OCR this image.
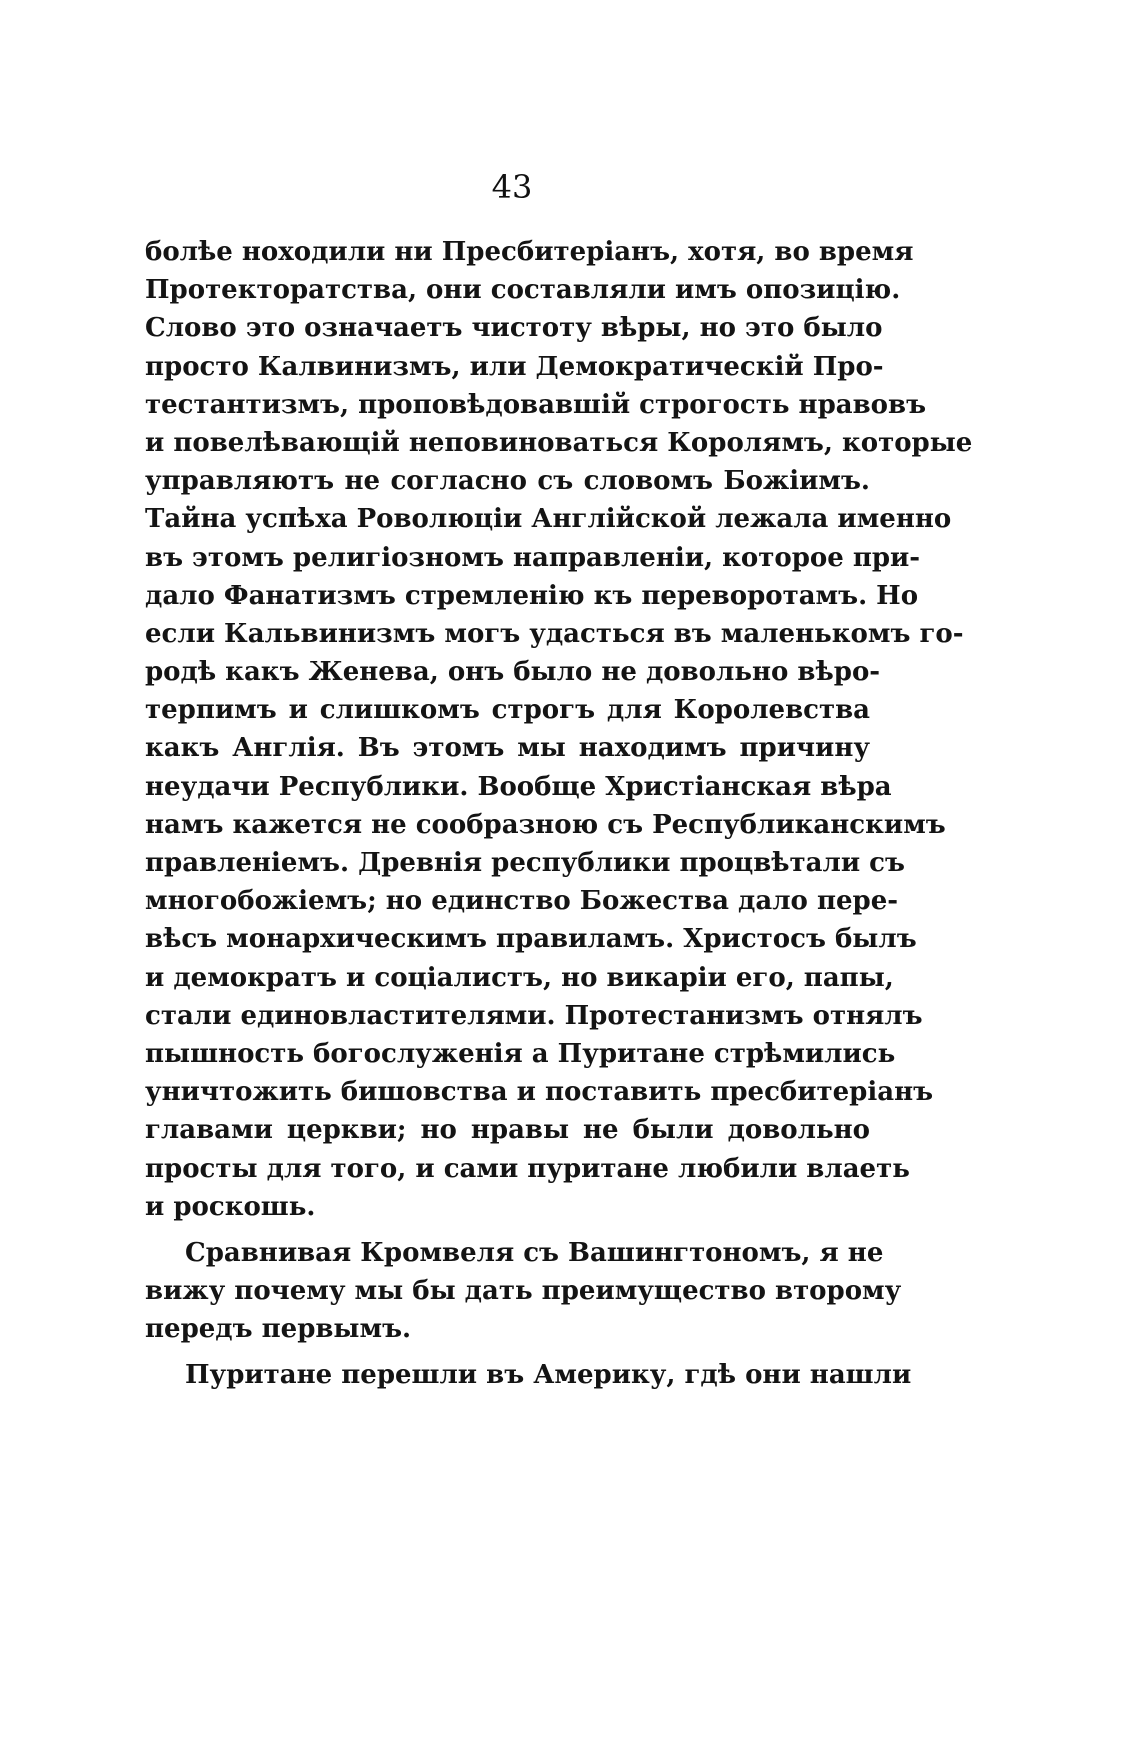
43
болѣе ноходили ни Пресбитеріанъ, хотя, во время
Протекторатства, они составляли имъ опозицію.
Слово это означаетъ чистоту вѣры, но это было
просто Калвинизмъ, или Демократическій Про-
тестантизмъ, проповѣдовавшій строгость нравовъ
и повелѣвающій неповиноваться Королямъ, которые
управляютъ не согласно съ словомъ Божіимъ.
Тайна успѣха Роволюціи Англійской лежала именно
въ этомъ религіозномъ направленіи, которое при-
дало Фанатизмъ стремленію къ переворотамъ. Но
если Кальвинизмъ могъ удасться въ маленькомъ го-
родѣ какъ Женева, онъ было не довольно вѣро-
терпимъ и слишкомъ строгъ для Королевства
какъ Англія. Въ этомъ мы находимъ причину
неудачи Республики. Вообще Христіанская вѣра
намъ кажется не сообразною съ Республиканскимъ
правленіемъ. Древнія республики процвѣтали съ
многобожіемъ; но единство Божества дало пере-
вѣсъ монархическимъ правиламъ. Христосъ былъ
и демократъ и соціалистъ, но викаріи его, папы,
стали единовластителями. Протестанизмъ отнялъ
пышность богослуженія а Пуритане стрѣмились
уничтожить бишовства и поставить пресбитеріанъ
главами церкви; но нравы не были довольно
просты для того, и сами пуритане любили влаеть
и роскошь.
Сравнивая Кромвеля съ Вашингтономъ, я не
вижу почему мы бы дать преимущество второму
передъ первымъ.
Пуритане перешли въ Америку, гдѣ они нашли
